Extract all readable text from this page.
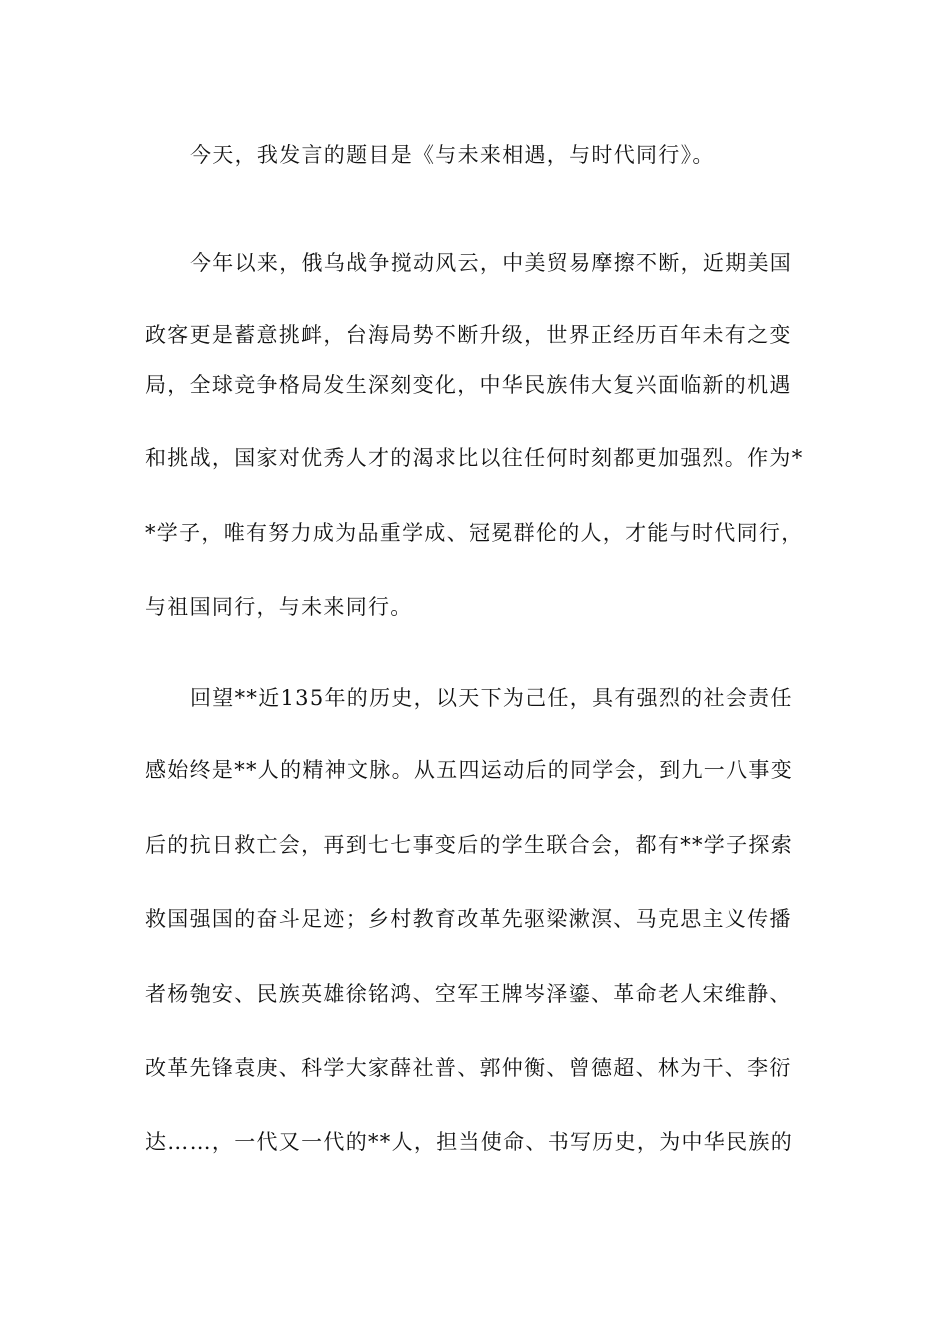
今天，我发言的题目是《与未来相遇，与时代同行》。
今年以来，俄乌战争搅动风云，中美贸易摩擦不断，近期美国
政客更是蓄意挑衅，台海局势不断升级，世界正经历百年未有之变
局，全球竞争格局发生深刻变化，中华民族伟大复兴面临新的机遇
和挑战，国家对优秀人才的渴求比以往任何时刻都更加强烈。作为*
*学子，唯有努力成为品重学成、冠冕群伦的人，才能与时代同行，
与祖国同行，与未来同行。
回望**近135年的历史，以天下为己任，具有强烈的社会责任
感始终是**人的精神文脉。从五四运动后的同学会，到九一八事变
后的抗日救亡会，再到七七事变后的学生联合会，都有**学子探索
救国强国的奋斗足迹；乡村教育改革先驱梁漱溟、马克思主义传播
者杨匏安、民族英雄徐铭鸿、空军王牌岑泽鎏、革命老人宋维静、
改革先锋袁庚、科学大家薛社普、郭仲衡、曾德超、林为干、李衍
达……，一代又一代的**人，担当使命、书写历史，为中华民族的
